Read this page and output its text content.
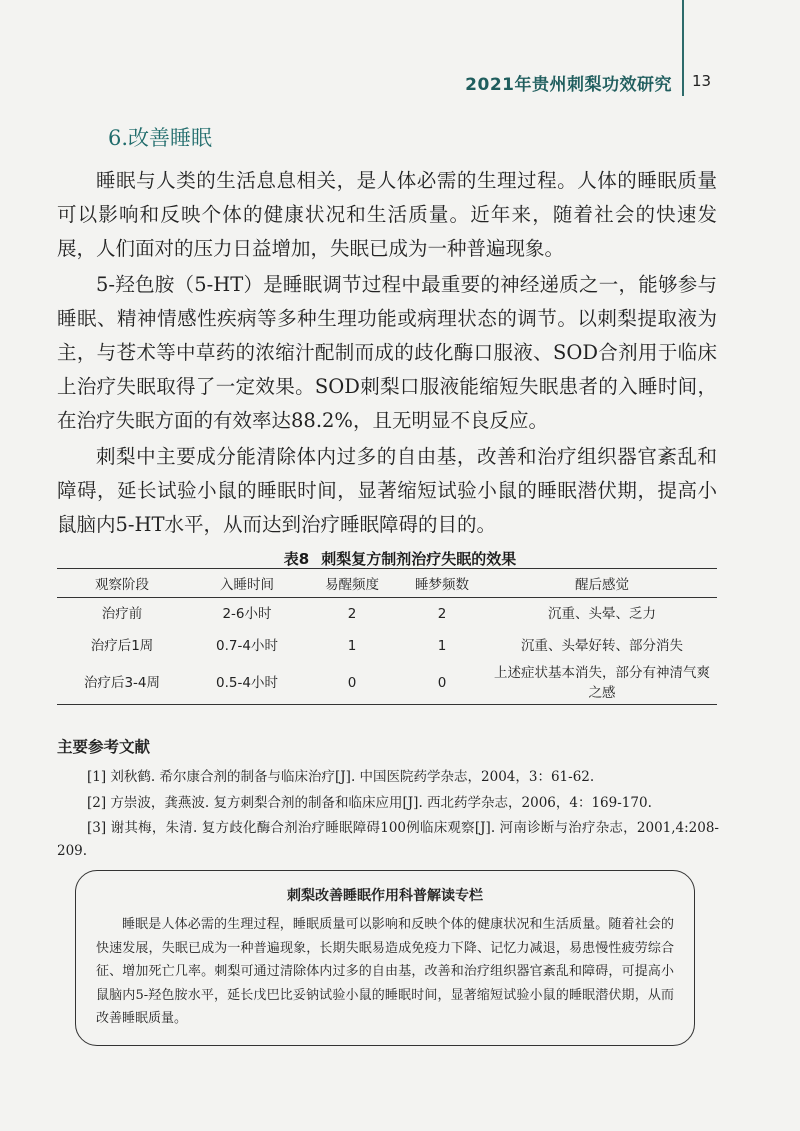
2021年贵州刺梨功效研究 13
6.改善睡眠

睡眠与人类的生活息息相关，是人体必需的生理过程。人体的睡眠质量可以影响和反映个体的健康状况和生活质量。近年来，随着社会的快速发展，人们面对的压力日益增加，失眠已成为一种普遍现象。

5-羟色胺（5-HT）是睡眠调节过程中最重要的神经递质之一，能够参与睡眠、精神情感性疾病等多种生理功能或病理状态的调节。以刺梨提取液为主，与苍术等中草药的浓缩汁配制而成的歧化酶口服液、SOD合剂用于临床上治疗失眠取得了一定效果。SOD刺梨口服液能缩短失眠患者的入睡时间，在治疗失眠方面的有效率达88.2%，且无明显不良反应。

刺梨中主要成分能清除体内过多的自由基，改善和治疗组织器官紊乱和障碍，延长试验小鼠的睡眠时间，显著缩短试验小鼠的睡眠潜伏期，提高小鼠脑内5-HT水平，从而达到治疗睡眠障碍的目的。

表8 刺梨复方制剂治疗失眠的效果
观察阶段	入睡时间	易醒频度	睡梦频数	醒后感觉
治疗前	2-6小时	2	2	沉重、头晕、乏力
治疗后1周	0.7-4小时	1	1	沉重、头晕好转、部分消失
治疗后3-4周	0.5-4小时	0	0	上述症状基本消失，部分有神清气爽之感
主要参考文献

[1] 刘秋鹤. 希尔康合剂的制备与临床治疗[J]. 中国医院药学杂志，2004，3：61-62.

[2] 方崇波，龚燕波. 复方刺梨合剂的制备和临床应用[J]. 西北药学杂志，2006，4：169-170.

[3] 谢其梅，朱清. 复方歧化酶合剂治疗睡眠障碍100例临床观察[J]. 河南诊断与治疗杂志，2001,4:208-209.

刺梨改善睡眠作用科普解读专栏

睡眠是人体必需的生理过程，睡眠质量可以影响和反映个体的健康状况和生活质量。随着社会的快速发展，失眠已成为一种普遍现象，长期失眠易造成免疫力下降、记忆力减退，易患慢性疲劳综合征、增加死亡几率。刺梨可通过清除体内过多的自由基，改善和治疗组织器官紊乱和障碍，可提高小鼠脑内5-羟色胺水平，延长戊巴比妥钠试验小鼠的睡眠时间，显著缩短试验小鼠的睡眠潜伏期，从而改善睡眠质量。
